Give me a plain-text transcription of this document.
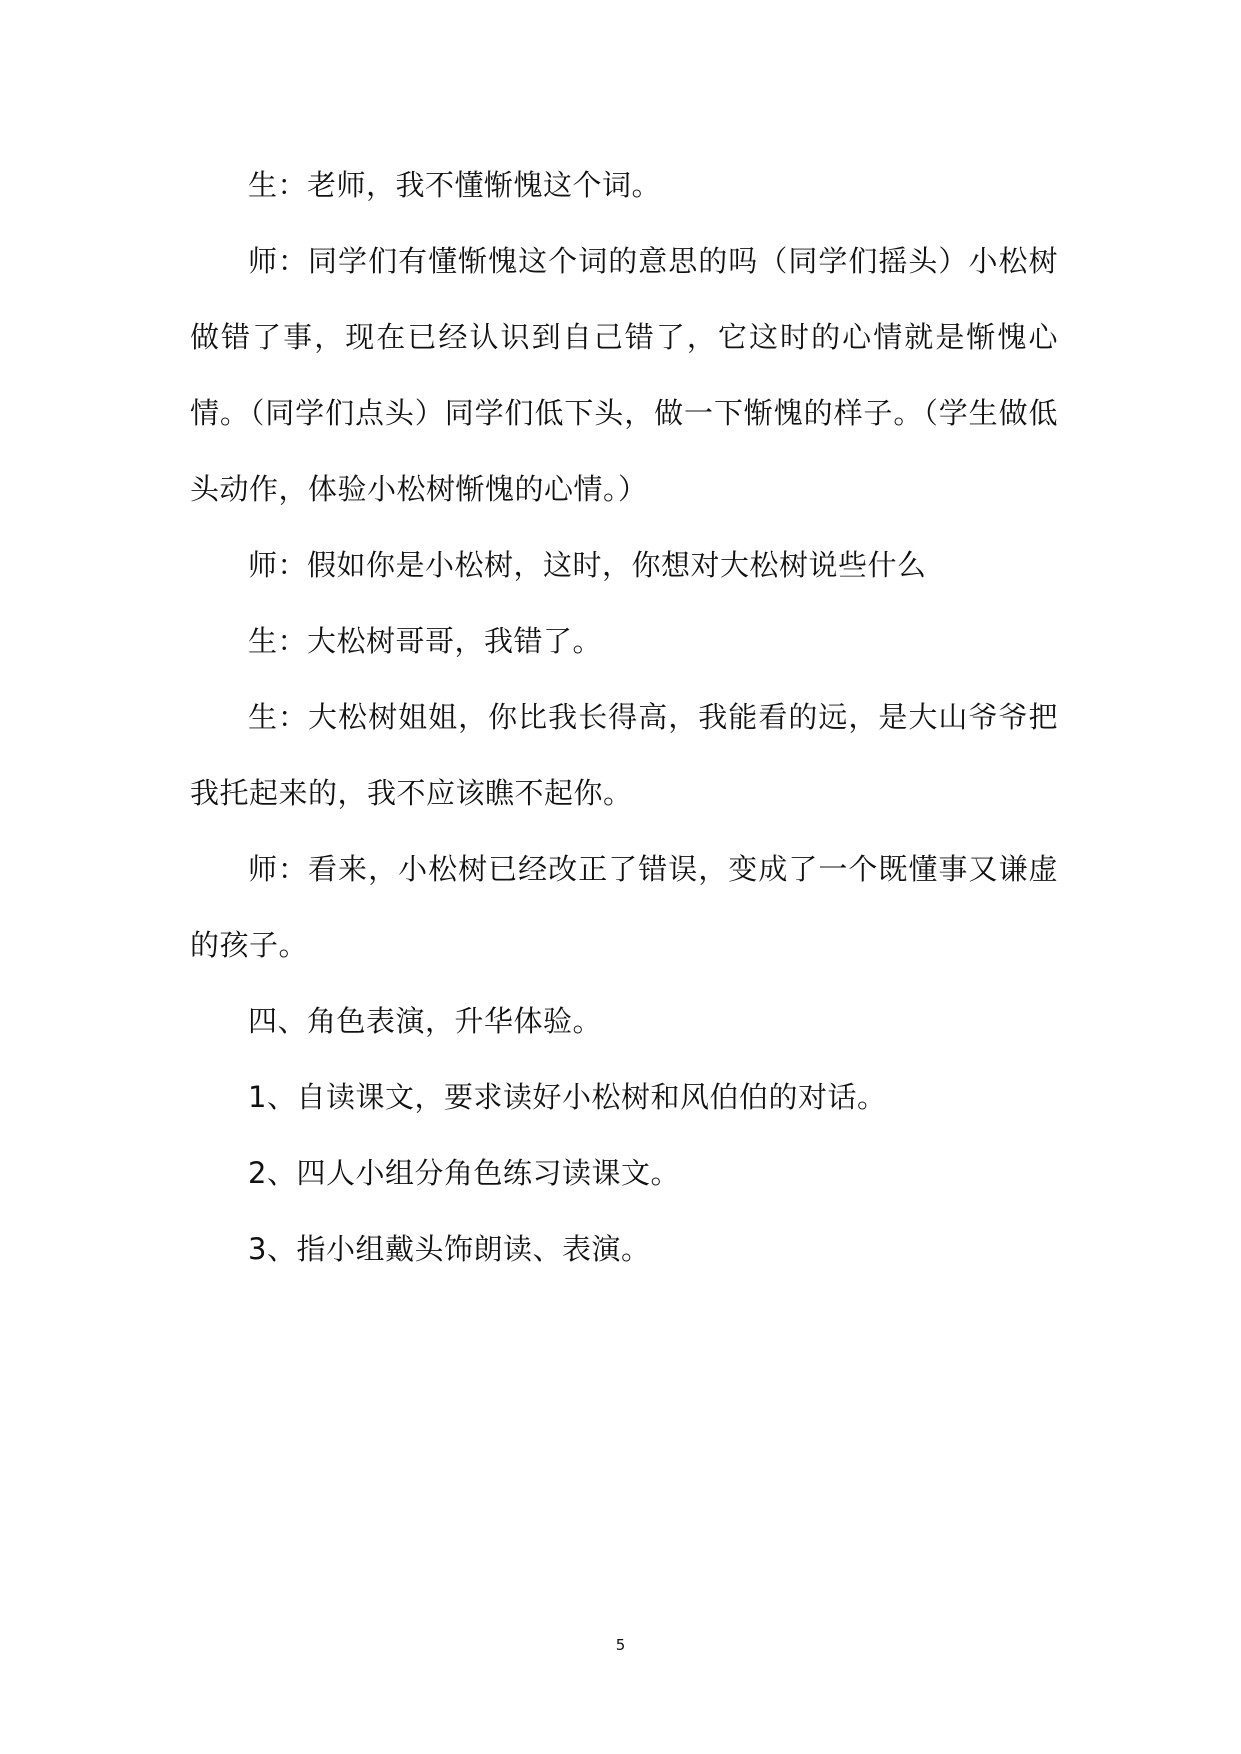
生：老师，我不懂惭愧这个词。

师：同学们有懂惭愧这个词的意思的吗（同学们摇头）小松树做错了事，现在已经认识到自己错了，它这时的心情就是惭愧心情。（同学们点头）同学们低下头，做一下惭愧的样子。（学生做低头动作，体验小松树惭愧的心情。）

师：假如你是小松树，这时，你想对大松树说些什么

生：大松树哥哥，我错了。

生：大松树姐姐，你比我长得高，我能看的远，是大山爷爷把我托起来的，我不应该瞧不起你。

师：看来，小松树已经改正了错误，变成了一个既懂事又谦虚的孩子。

四、角色表演，升华体验。

1、自读课文，要求读好小松树和风伯伯的对话。

2、四人小组分角色练习读课文。

3、指小组戴头饰朗读、表演。

5
